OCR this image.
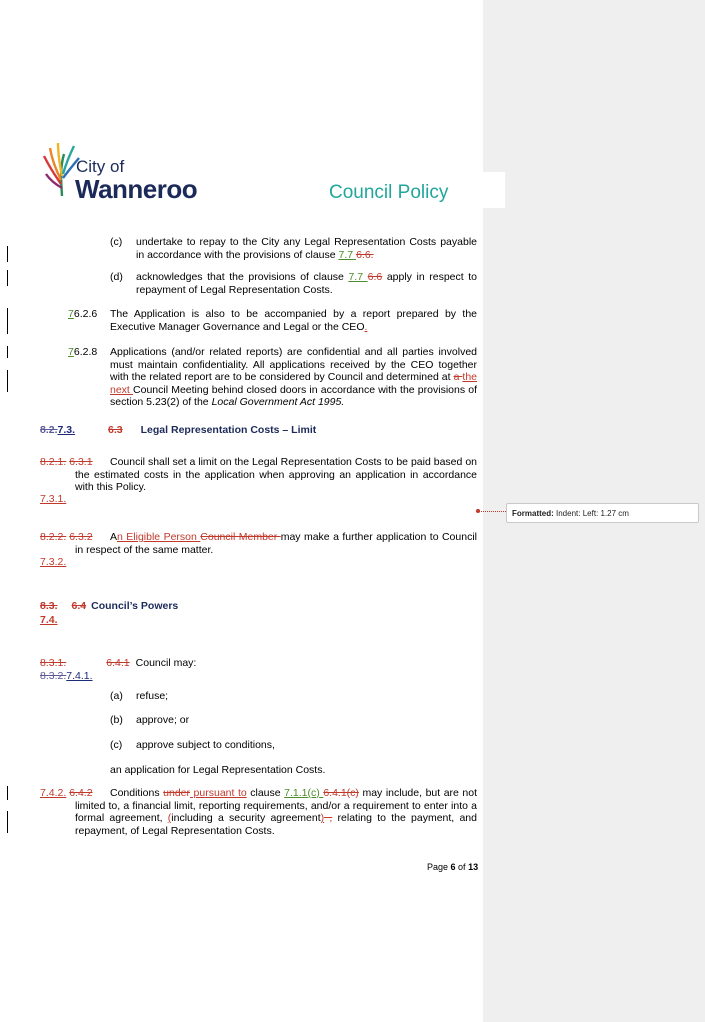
City of
Wanneroo	Council Policy
(c) undertake to repay to the City any Legal Representation Costs payable
in accordance with the provisions of clause 7.7 6.6.
(d) acknowledges that the provisions of clause 7.7 6.6 apply in respect to
repayment of Legal Representation Costs.
76.2.6 The Application is also to be accompanied by a report prepared by the
Executive Manager Governance and Legal or the CEO.
76.2.8 Applications (and/or related reports) are confidential and all parties involved
must maintain confidentiality. All applications received by the CEO together
with the related report are to be considered by Council and determined at a the
next Council Meeting behind closed doors in accordance with the provisions of
section 5.23(2) of the Local Government Act 1995.
8.2.7.3.	6.3 Legal Representation Costs – Limit
8.2.1. 6.3.1	Council shall set a limit on the Legal Representation Costs to be paid based on
the estimated costs in the application when approving an application in accordance
with this Policy.
7.3.1.
8.2.2. 6.3.2	An Eligible Person Council Member may make a further application to Council
in respect of the same matter.
7.3.2.
8.3. 6.4 Council’s Powers
7.4.
8.3.1.	6.4.1 Council may:
8.3.2.7.4.1.
(a) refuse;
(b) approve; or
(c) approve subject to conditions,
an application for Legal Representation Costs.
7.4.2. 6.4.2	Conditions under pursuant to clause 7.1.1(c) 6.4.1(c) may include, but are not
limited to, a financial limit, reporting requirements, and/or a requirement to enter into a
formal agreement, (including a security agreement) , relating to the payment, and
repayment, of Legal Representation Costs.
Page 6 of 13
Formatted: Indent: Left: 1.27 cm
